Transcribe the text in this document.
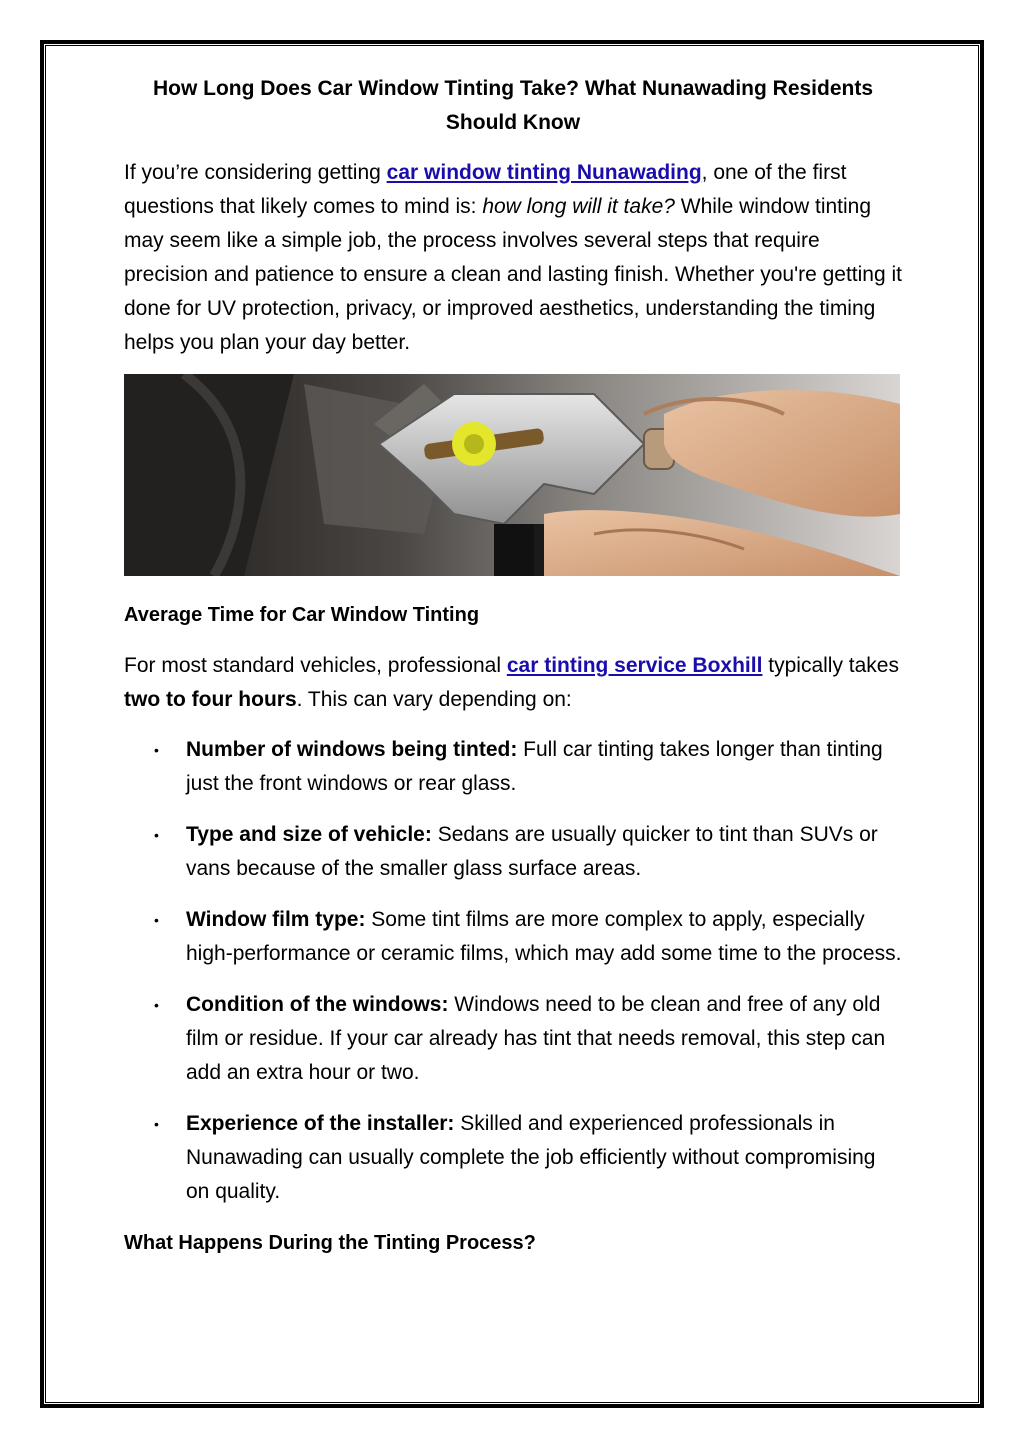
How Long Does Car Window Tinting Take? What Nunawading Residents Should Know

If you’re considering getting car window tinting Nunawading, one of the first questions that likely comes to mind is: how long will it take? While window tinting may seem like a simple job, the process involves several steps that require precision and patience to ensure a clean and lasting finish. Whether you're getting it done for UV protection, privacy, or improved aesthetics, understanding the timing helps you plan your day better.

Average Time for Car Window Tinting

For most standard vehicles, professional car tinting service Boxhill typically takes two to four hours. This can vary depending on:

• Number of windows being tinted: Full car tinting takes longer than tinting just the front windows or rear glass.
• Type and size of vehicle: Sedans are usually quicker to tint than SUVs or vans because of the smaller glass surface areas.
• Window film type: Some tint films are more complex to apply, especially high-performance or ceramic films, which may add some time to the process.
• Condition of the windows: Windows need to be clean and free of any old film or residue. If your car already has tint that needs removal, this step can add an extra hour or two.
• Experience of the installer: Skilled and experienced professionals in Nunawading can usually complete the job efficiently without compromising on quality.
What Happens During the Tinting Process?
